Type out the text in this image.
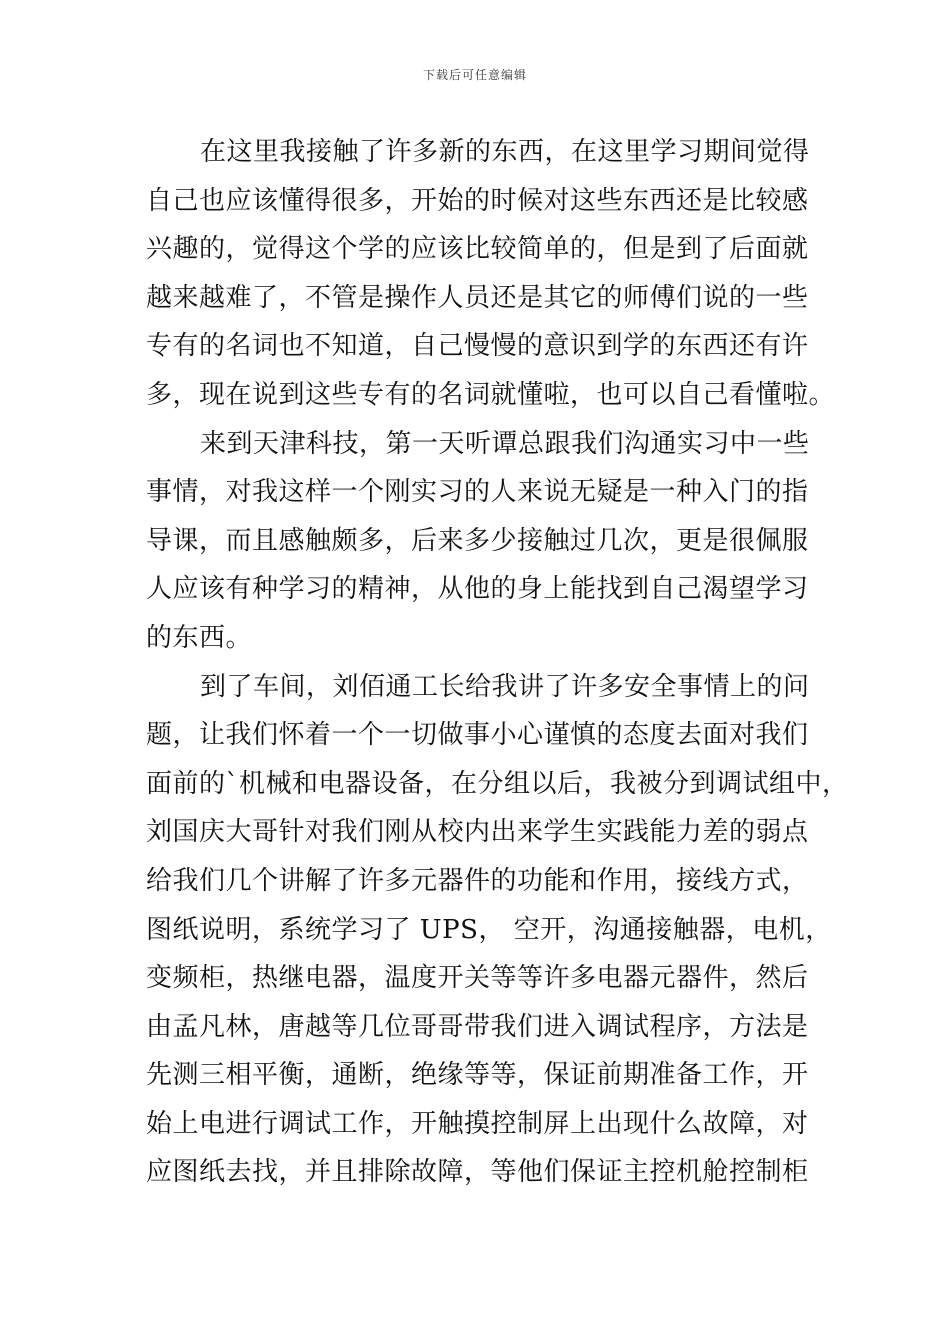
下载后可任意编辑

在这里我接触了许多新的东西，在这里学习期间觉得
自己也应该懂得很多，开始的时候对这些东西还是比较感
兴趣的，觉得这个学的应该比较简单的，但是到了后面就
越来越难了，不管是操作人员还是其它的师傅们说的一些
专有的名词也不知道，自己慢慢的意识到学的东西还有许
多，现在说到这些专有的名词就懂啦，也可以自己看懂啦。

来到天津科技，第一天听谭总跟我们沟通实习中一些
事情，对我这样一个刚实习的人来说无疑是一种入门的指
导课，而且感触颇多，后来多少接触过几次，更是很佩服
人应该有种学习的精神，从他的身上能找到自己渴望学习
的东西。

到了车间，刘佰通工长给我讲了许多安全事情上的问
题，让我们怀着一个一切做事小心谨慎的态度去面对我们
面前的`机械和电器设备，在分组以后，我被分到调试组中，
刘国庆大哥针对我们刚从校内出来学生实践能力差的弱点
给我们几个讲解了许多元器件的功能和作用，接线方式，
图纸说明，系统学习了 UPS， 空开，沟通接触器，电机，
变频柜，热继电器，温度开关等等许多电器元器件，然后
由孟凡林，唐越等几位哥哥带我们进入调试程序，方法是
先测三相平衡，通断，绝缘等等，保证前期准备工作，开
始上电进行调试工作，开触摸控制屏上出现什么故障，对
应图纸去找，并且排除故障，等他们保证主控机舱控制柜
